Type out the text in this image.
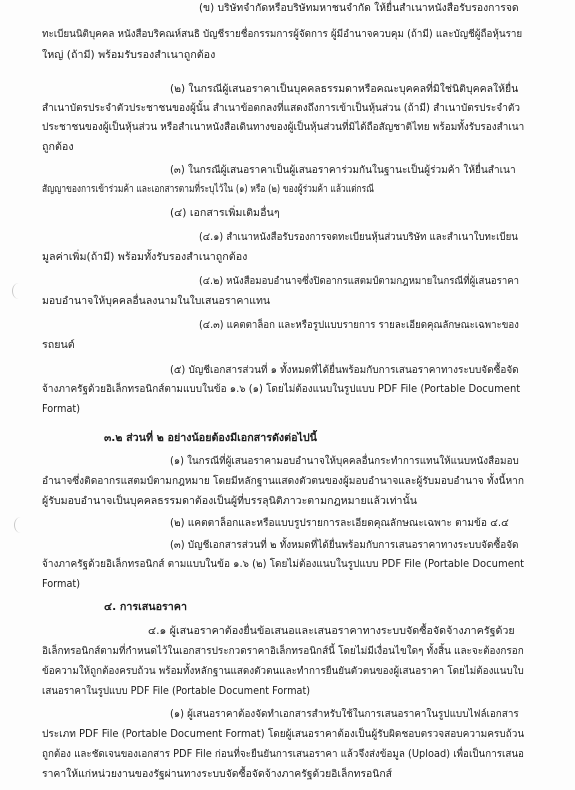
(ข) บริษัทจำกัดหรือบริษัทมหาชนจำกัด ให้ยื่นสำเนาหนังสือรับรองการจด
ทะเบียนนิติบุคคล หนังสือบริคณห์สนธิ บัญชีรายชื่อกรรมการผู้จัดการ ผู้มีอำนาจควบคุม (ถ้ามี) และบัญชีผู้ถือหุ้นราย
ใหญ่ (ถ้ามี) พร้อมรับรองสำเนาถูกต้อง
(๒) ในกรณีผู้เสนอราคาเป็นบุคคลธรรมดาหรือคณะบุคคลที่มิใช่นิติบุคคลให้ยื่น
สำเนาบัตรประจำตัวประชาชนของผู้นั้น สำเนาข้อตกลงที่แสดงถึงการเข้าเป็นหุ้นส่วน (ถ้ามี) สำเนาบัตรประจำตัว
ประชาชนของผู้เป็นหุ้นส่วน หรือสำเนาหนังสือเดินทางของผู้เป็นหุ้นส่วนที่มิได้ถือสัญชาติไทย พร้อมทั้งรับรองสำเนา
ถูกต้อง
(๓) ในกรณีผู้เสนอราคาเป็นผู้เสนอราคาร่วมกันในฐานะเป็นผู้ร่วมค้า ให้ยื่นสำเนา
สัญญาของการเข้าร่วมค้า และเอกสารตามที่ระบุไว้ใน (๑) หรือ (๒) ของผู้ร่วมค้า แล้วแต่กรณี
(๔) เอกสารเพิ่มเติมอื่นๆ
(๔.๑) สำเนาหนังสือรับรองการจดทะเบียนหุ้นส่วนบริษัท และสำเนาใบทะเบียน
มูลค่าเพิ่ม(ถ้ามี) พร้อมทั้งรับรองสำเนาถูกต้อง
(๔.๒) หนังสือมอบอำนาจซึ่งปิดอากรแสตมป์ตามกฎหมายในกรณีที่ผู้เสนอราคา
มอบอำนาจให้บุคคลอื่นลงนามในใบเสนอราคาแทน
(๔.๓) แคตตาล็อก และหรือรูปแบบรายการ รายละเอียดคุณลักษณะเฉพาะของ
รถยนต์
(๕) บัญชีเอกสารส่วนที่ ๑ ทั้งหมดที่ได้ยื่นพร้อมกับการเสนอราคาทางระบบจัดซื้อจัด
จ้างภาครัฐด้วยอิเล็กทรอนิกส์ตามแบบในข้อ ๑.๖ (๑) โดยไม่ต้องแนบในรูปแบบ PDF File (Portable Document
Format)
๓.๒ ส่วนที่ ๒ อย่างน้อยต้องมีเอกสารดังต่อไปนี้
(๑) ในกรณีที่ผู้เสนอราคามอบอำนาจให้บุคคลอื่นกระทำการแทนให้แนบหนังสือมอบ
อำนาจซึ่งติดอากรแสตมป์ตามกฎหมาย โดยมีหลักฐานแสดงตัวตนของผู้มอบอำนาจและผู้รับมอบอำนาจ ทั้งนี้หาก
ผู้รับมอบอำนาจเป็นบุคคลธรรมดาต้องเป็นผู้ที่บรรลุนิติภาวะตามกฎหมายแล้วเท่านั้น
(๒) แคตตาล็อกและหรือแบบรูปรายการละเอียดคุณลักษณะเฉพาะ ตามข้อ ๔.๔
(๓) บัญชีเอกสารส่วนที่ ๒ ทั้งหมดที่ได้ยื่นพร้อมกับการเสนอราคาทางระบบจัดซื้อจัด
จ้างภาครัฐด้วยอิเล็กทรอนิกส์ ตามแบบในข้อ ๑.๖ (๒) โดยไม่ต้องแนบในรูปแบบ PDF File (Portable Document
Format)
๔. การเสนอราคา
๔.๑ ผู้เสนอราคาต้องยื่นข้อเสนอและเสนอราคาทางระบบจัดซื้อจัดจ้างภาครัฐด้วย
อิเล็กทรอนิกส์ตามที่กำหนดไว้ในเอกสารประกวดราคาอิเล็กทรอนิกส์นี้ โดยไม่มีเงื่อนไขใดๆ ทั้งสิ้น และจะต้องกรอก
ข้อความให้ถูกต้องครบถ้วน พร้อมทั้งหลักฐานแสดงตัวตนและทำการยืนยันตัวตนของผู้เสนอราคา โดยไม่ต้องแนบใบ
เสนอราคาในรูปแบบ PDF File (Portable Document Format)
(๑) ผู้เสนอราคาต้องจัดทำเอกสารสำหรับใช้ในการเสนอราคาในรูปแบบไฟล์เอกสาร
ประเภท PDF File (Portable Document Format) โดยผู้เสนอราคาต้องเป็นผู้รับผิดชอบตรวจสอบความครบถ้วน
ถูกต้อง และชัดเจนของเอกสาร PDF File ก่อนที่จะยืนยันการเสนอราคา แล้วจึงส่งข้อมูล (Upload) เพื่อเป็นการเสนอ
ราคาให้แก่หน่วยงานของรัฐผ่านทางระบบจัดซื้อจัดจ้างภาครัฐด้วยอิเล็กทรอนิกส์
